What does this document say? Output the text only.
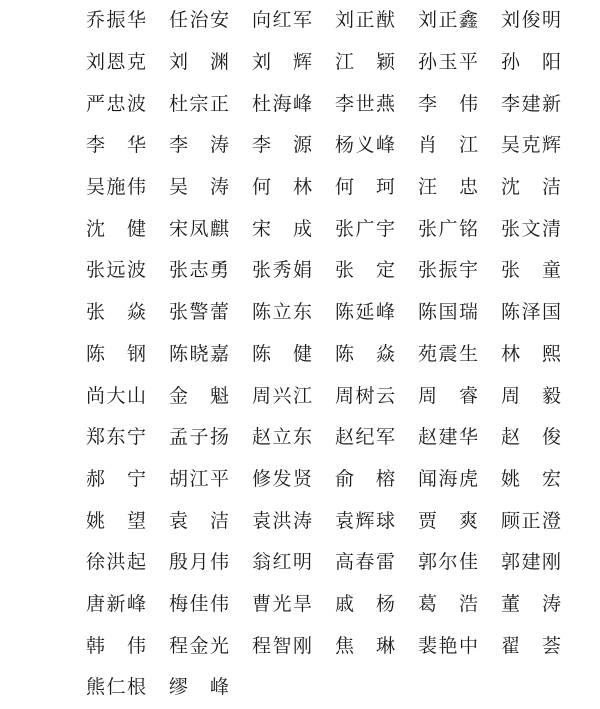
乔 振 华 任 治 安 向 红 军 刘 正 猷 刘 正 鑫 刘 俊 明
刘 恩 克 刘 渊 刘 辉 江 颖 孙 玉 平 孙 阳
严 忠 波 杜 宗 正 杜 海 峰 李 世 燕 李 伟 李 建 新
李 华 李 涛 李 源 杨 义 峰 肖 江 吴 克 辉
吴 施 伟 吴 涛 何 林 何 珂 汪 忠 沈 洁
沈 健 宋 凤 麒 宋 成 张 广 宇 张 广 铭 张 文 清
张 远 波 张 志 勇 张 秀 娟 张 定 张 振 宇 张 童
张 焱 张 警 蕾 陈 立 东 陈 延 峰 陈 国 瑞 陈 泽 国
陈 钢 陈 晓 嘉 陈 健 陈 焱 苑 震 生 林 熙
尚 大 山 金 魁 周 兴 江 周 树 云 周 睿 周 毅
郑 东 宁 孟 子 扬 赵 立 东 赵 纪 军 赵 建 华 赵 俊
郝 宁 胡 江 平 修 发 贤 俞 榕 闻 海 虎 姚 宏
姚 望 袁 洁 袁 洪 涛 袁 辉 球 贾 爽 顾 正 澄
徐 洪 起 殷 月 伟 翁 红 明 高 春 雷 郭 尔 佳 郭 建 刚
唐 新 峰 梅 佳 伟 曹 光 旱 戚 杨 葛 浩 董 涛
韩 伟 程 金 光 程 智 刚 焦 琳 裴 艳 中 翟 荟
熊 仁 根 缪 峰
